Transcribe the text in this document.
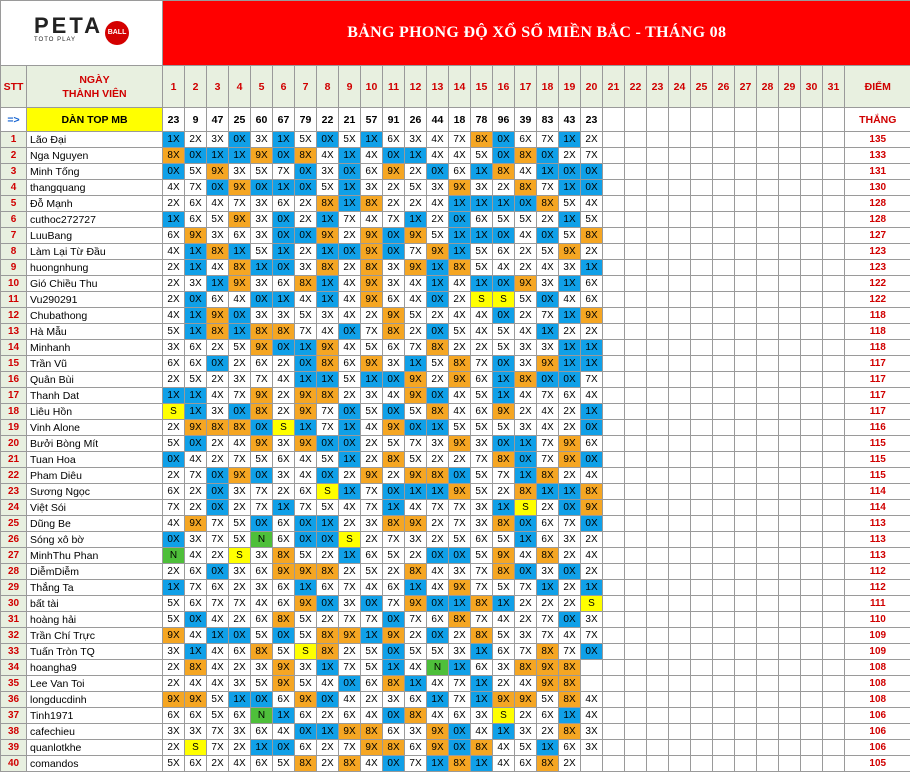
PETA
TOTO PLAY
BALL		BẢNG PHONG ĐỘ XỔ SỐ MIỀN BẮC - THÁNG 08																															
STT	NGÀY
THÀNH VIÊN	1	2	3	4	5	6	7	8	9	10	11	12	13	14	15	16	17	18	19	20	21	22	23	24	25	26	27	28	29	30	31	ĐIỂM
=>	DÀN TOP MB	23	9	47	25	60	67	79	22	21	57	91	26	44	18	78	96	39	83	43	23												THẮNG
1	Lão Đại	1X	2X	3X	0X	3X	1X	5X	0X	5X	1X	6X	3X	4X	7X	8X	0X	6X	7X	1X	2X												135
2	Nga Nguyen	8X	0X	1X	1X	9X	0X	8X	4X	1X	4X	0X	1X	4X	4X	5X	0X	8X	0X	2X	7X												133
3	Minh Tống	0X	5X	9X	3X	5X	7X	0X	3X	0X	6X	9X	2X	0X	6X	1X	8X	4X	1X	0X	0X												131
4	thangquang	4X	7X	0X	9X	0X	1X	0X	5X	1X	3X	2X	5X	3X	9X	3X	2X	8X	7X	1X	0X												130
5	Đỗ Mạnh	2X	6X	4X	7X	3X	6X	2X	8X	1X	8X	2X	2X	4X	1X	1X	1X	0X	8X	5X	4X												128
6	cuthoc272727	1X	6X	5X	9X	3X	0X	2X	1X	7X	4X	7X	1X	2X	0X	6X	5X	5X	2X	1X	5X												128
7	LuuBang	6X	9X	3X	6X	3X	0X	0X	9X	2X	9X	0X	9X	5X	1X	1X	0X	4X	0X	5X	8X												127
8	Làm Lại Từ Đầu	4X	1X	8X	1X	5X	1X	2X	1X	0X	9X	0X	7X	9X	1X	5X	6X	2X	5X	9X	2X												123
9	huongnhung	2X	1X	4X	8X	1X	0X	3X	8X	2X	8X	3X	9X	1X	8X	5X	4X	2X	4X	3X	1X												123
10	Gió Chiều Thu	2X	3X	1X	9X	3X	6X	8X	1X	4X	9X	3X	4X	1X	4X	1X	0X	9X	3X	1X	6X												122
11	Vu290291	2X	0X	6X	4X	0X	1X	4X	1X	4X	9X	6X	4X	0X	2X	S	S	5X	0X	4X	6X												122
12	Chubathong	4X	1X	9X	0X	3X	3X	5X	3X	4X	2X	9X	5X	2X	4X	4X	0X	2X	7X	1X	9X												118
13	Hà Mẫu	5X	1X	8X	1X	8X	8X	7X	4X	0X	7X	8X	2X	0X	5X	4X	5X	4X	1X	2X	2X												118
14	Minhanh	3X	6X	2X	5X	9X	0X	1X	9X	4X	5X	6X	7X	8X	2X	2X	5X	3X	3X	1X	1X												118
15	Trần Vũ	6X	6X	0X	2X	6X	2X	0X	8X	6X	9X	3X	1X	5X	8X	7X	0X	3X	9X	1X	1X												117
16	Quân Bùi	2X	5X	2X	3X	7X	4X	1X	1X	5X	1X	0X	9X	2X	9X	6X	1X	8X	0X	0X	7X												117
17	Thanh Dat	1X	1X	4X	7X	9X	2X	9X	8X	2X	3X	4X	9X	0X	4X	5X	1X	4X	7X	6X	4X												117
18	Liêu Hồn	S	1X	3X	0X	8X	2X	9X	7X	0X	5X	0X	5X	8X	4X	6X	9X	2X	4X	2X	1X												117
19	Vinh Alone	2X	9X	8X	8X	0X	S	1X	7X	1X	4X	9X	0X	1X	5X	5X	5X	3X	4X	2X	0X												116
20	Bưởi Bòng Mít	5X	0X	2X	4X	9X	3X	9X	0X	0X	2X	5X	7X	3X	9X	3X	0X	1X	7X	9X	6X												115
21	Tuan Hoa	0X	4X	2X	7X	5X	6X	4X	5X	1X	2X	8X	5X	2X	2X	7X	8X	0X	7X	9X	0X												115
22	Pham Diêu	2X	7X	0X	9X	0X	3X	4X	0X	2X	9X	2X	9X	8X	0X	5X	7X	1X	8X	2X	4X												115
23	Sương Ngọc	6X	2X	0X	3X	7X	2X	6X	S	1X	7X	0X	1X	1X	9X	5X	2X	8X	1X	1X	8X												114
24	Việt Sói	7X	2X	0X	2X	7X	1X	7X	5X	4X	7X	1X	4X	7X	7X	3X	1X	S	2X	0X	9X												114
25	Dũng Be	4X	9X	7X	5X	0X	6X	0X	1X	2X	3X	8X	9X	2X	7X	3X	8X	0X	6X	7X	0X												113
26	Sóng xô bờ	0X	3X	7X	5X	N	6X	0X	0X	S	2X	7X	3X	2X	5X	6X	5X	1X	6X	3X	2X												113
27	MinhThu Phan	N	4X	2X	S	3X	8X	5X	2X	1X	6X	5X	2X	0X	0X	5X	9X	4X	8X	2X	4X												113
28	DiễmDiễm	2X	6X	0X	3X	6X	9X	9X	8X	2X	5X	2X	8X	4X	3X	7X	8X	0X	3X	0X	2X												112
29	Thắng Ta	1X	7X	6X	2X	3X	6X	1X	6X	7X	4X	6X	1X	4X	9X	7X	5X	7X	1X	2X	1X												112
30	bất tài	5X	6X	7X	7X	4X	6X	9X	0X	3X	0X	7X	9X	0X	1X	8X	1X	2X	2X	2X	S												111
31	hoàng hải	5X	0X	4X	2X	6X	8X	5X	2X	7X	7X	0X	7X	6X	8X	7X	4X	2X	7X	0X	3X												110
32	Trần Chí Trực	9X	4X	1X	0X	5X	0X	5X	8X	9X	1X	9X	2X	0X	2X	8X	5X	3X	7X	4X	7X												109
33	Tuấn Tròn TQ	3X	1X	4X	6X	8X	5X	S	8X	2X	5X	0X	5X	5X	3X	1X	6X	7X	8X	7X	0X												109
34	hoangha9	2X	8X	4X	2X	3X	9X	3X	1X	7X	5X	1X	4X	N	1X	6X	3X	8X	9X	8X													108
35	Lee Van Toi	2X	4X	4X	3X	5X	9X	5X	4X	0X	6X	8X	1X	4X	7X	1X	2X	4X	9X	8X													108
36	longducdinh	9X	9X	5X	1X	0X	6X	9X	0X	4X	2X	3X	6X	1X	7X	1X	9X	9X	5X	8X	4X												108
37	Tinh1971	6X	6X	5X	6X	N	1X	6X	2X	6X	4X	0X	8X	4X	6X	3X	S	2X	6X	1X	4X												106
38	cafechieu	3X	3X	7X	3X	6X	4X	0X	1X	9X	8X	6X	3X	9X	0X	4X	1X	3X	2X	8X	3X												106
39	quanlotkhe	2X	S	7X	2X	1X	0X	6X	2X	7X	9X	8X	6X	9X	0X	8X	4X	5X	1X	6X	3X												106
40	comandos	5X	6X	2X	4X	6X	5X	8X	2X	8X	4X	0X	7X	1X	8X	1X	4X	6X	8X	2X													105
